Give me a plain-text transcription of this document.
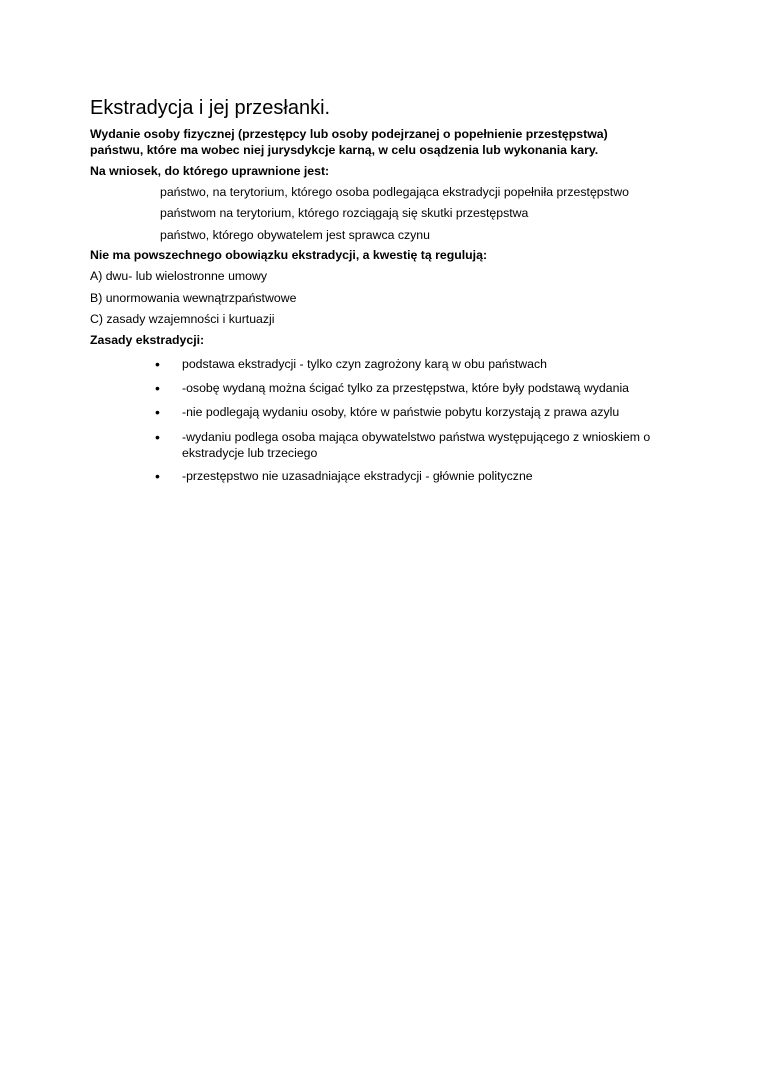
Ekstradycja i jej przesłanki.
Wydanie osoby fizycznej (przestępcy lub osoby podejrzanej o popełnienie przestępstwa)
państwu, które ma wobec niej jurysdykcje karną, w celu osądzenia lub wykonania kary.

Na wniosek, do którego uprawnione jest:

państwo, na terytorium, którego osoba podlegająca ekstradycji popełniła przestępstwo

państwom na terytorium, którego rozciągają się skutki przestępstwa

państwo, którego obywatelem jest sprawca czynu

Nie ma powszechnego obowiązku ekstradycji, a kwestię tą regulują:

A) dwu- lub wielostronne umowy

B) unormowania wewnątrzpaństwowe

C) zasady wzajemności i kurtuazji

Zasady ekstradycji:

• podstawa ekstradycji - tylko czyn zagrożony karą w obu państwach
• -osobę wydaną można ścigać tylko za przestępstwa, które były podstawą wydania
• -nie podlegają wydaniu osoby, które w państwie pobytu korzystają z prawa azylu
• -wydaniu podlega osoba mająca obywatelstwo państwa występującego z wnioskiem o
ekstradycje lub trzeciego
• -przestępstwo nie uzasadniające ekstradycji - głównie polityczne
